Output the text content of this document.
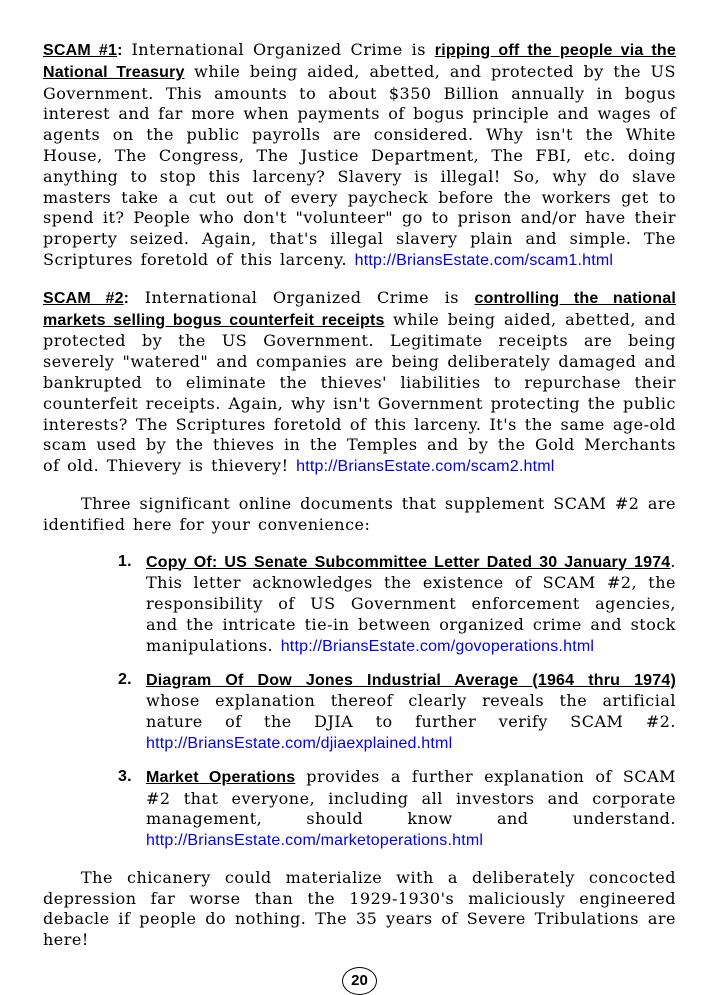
SCAM #1: International Organized Crime is ripping off the people via the National Treasury while being aided, abetted, and protected by the US Government. This amounts to about $350 Billion annually in bogus interest and far more when payments of bogus principle and wages of agents on the public payrolls are considered. Why isn't the White House, The Congress, The Justice Department, The FBI, etc. doing anything to stop this larceny? Slavery is illegal! So, why do slave masters take a cut out of every paycheck before the workers get to spend it? People who don't "volunteer" go to prison and/or have their property seized. Again, that's illegal slavery plain and simple. The Scriptures foretold of this larceny. http://BriansEstate.com/scam1.html

SCAM #2: International Organized Crime is controlling the national markets selling bogus counterfeit receipts while being aided, abetted, and protected by the US Government. Legitimate receipts are being severely "watered" and companies are being deliberately damaged and bankrupted to eliminate the thieves' liabilities to repurchase their counterfeit receipts. Again, why isn't Government protecting the public interests? The Scriptures foretold of this larceny. It's the same age-old scam used by the thieves in the Temples and by the Gold Merchants of old. Thievery is thievery! http://BriansEstate.com/scam2.html

Three significant online documents that supplement SCAM #2 are identified here for your convenience:

1. Copy Of: US Senate Subcommittee Letter Dated 30 January 1974. This letter acknowledges the existence of SCAM #2, the responsibility of US Government enforcement agencies, and the intricate tie-in between organized crime and stock manipulations. http://BriansEstate.com/govoperations.html
2. Diagram Of Dow Jones Industrial Average (1964 thru 1974) whose explanation thereof clearly reveals the artificial nature of the DJIA to further verify SCAM #2. http://BriansEstate.com/djiaexplained.html
3. Market Operations provides a further explanation of SCAM #2 that everyone, including all investors and corporate management, should know and understand. http://BriansEstate.com/marketoperations.html

The chicanery could materialize with a deliberately concocted depression far worse than the 1929-1930's maliciously engineered debacle if people do nothing. The 35 years of Severe Tribulations are here!

20
